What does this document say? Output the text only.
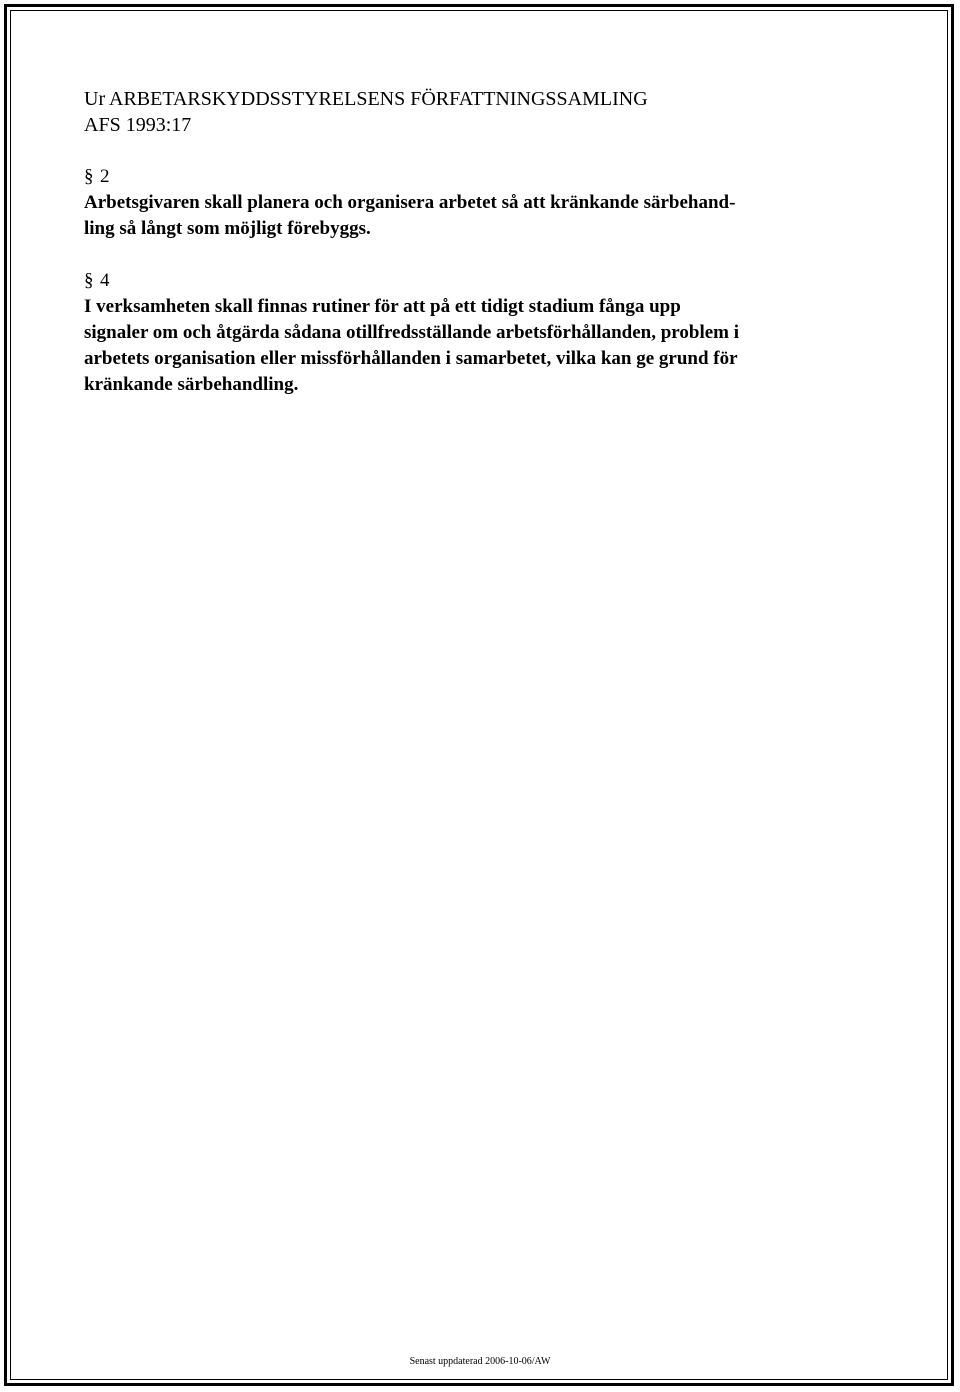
Ur ARBETARSKYDDSSTYRELSENS FÖRFATTNINGSSAMLING

AFS 1993:17

§ 2

Arbetsgivaren skall planera och organisera arbetet så att kränkande särbehand-

ling så långt som möjligt förebyggs.

§ 4

I verksamheten skall finnas rutiner för att på ett tidigt stadium fånga upp

signaler om och åtgärda sådana otillfredsställande arbetsförhållanden, problem i

arbetets organisation eller missförhållanden i samarbetet, vilka kan ge grund för

kränkande särbehandling.

Senast uppdaterad 2006-10-06/AW
